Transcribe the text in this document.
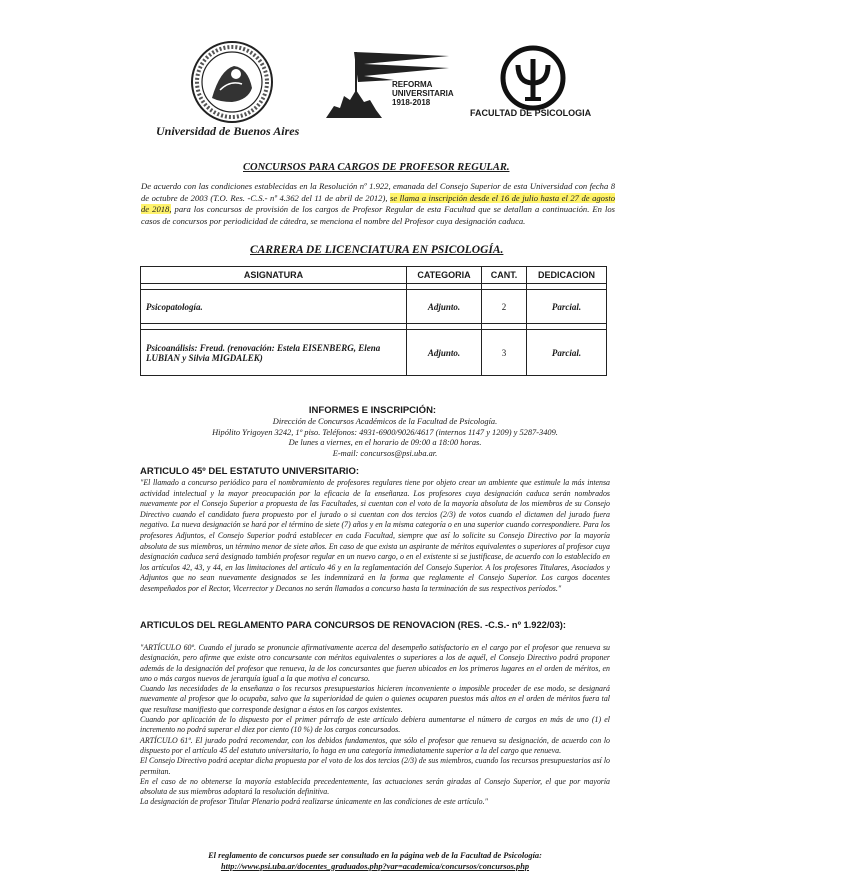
Universidad de Buenos Aires
REFORMA
UNIVERSITARIA
1918-2018
FACULTAD DE PSICOLOGIA
CONCURSOS PARA CARGOS DE PROFESOR REGULAR.
De acuerdo con las condiciones establecidas en la Resolución nº 1.922, emanada del Consejo Superior de esta Universidad con fecha 8 de octubre de 2003 (T.O. Res. -C.S.- nº 4.362 del 11 de abril de 2012), se llama a inscripción desde el 16 de julio hasta el 27 de agosto de 2018, para los concursos de provisión de los cargos de Profesor Regular de esta Facultad que se detallan a continuación. En los casos de concursos por periodicidad de cátedra, se menciona el nombre del Profesor cuya designación caduca.
CARRERA DE LICENCIATURA EN PSICOLOGÍA.
ASIGNATURA	CATEGORIA	CANT.	DEDICACION

Psicopatología.	Adjunto.	2	Parcial.

Psicoanálisis: Freud. (renovación: Estela EISENBERG, Elena LUBIAN y Silvia MIGDALEK)	Adjunto.	3	Parcial.
INFORMES E INSCRIPCIÓN:
Dirección de Concursos Académicos de la Facultad de Psicología.
Hipólito Yrigoyen 3242, 1º piso. Teléfonos: 4931-6900/9026/4617 (internos 1147 y 1209) y 5287-3409.
De lunes a viernes, en el horario de 09:00 a 18:00 horas.
E-mail: concursos@psi.uba.ar.
ARTICULO 45º DEL ESTATUTO UNIVERSITARIO:
"El llamado a concurso periódico para el nombramiento de profesores regulares tiene por objeto crear un ambiente que estimule la más intensa actividad intelectual y la mayor preocupación por la eficacia de la enseñanza. Los profesores cuya designación caduca serán nombrados nuevamente por el Consejo Superior a propuesta de las Facultades, si cuentan con el voto de la mayoría absoluta de los miembros de su Consejo Directivo cuando el candidato fuera propuesto por el jurado o si cuentan con dos tercios (2/3) de votos cuando el dictamen del jurado fuera negativo. La nueva designación se hará por el término de siete (7) años y en la misma categoría o en una superior cuando correspondiere. Para los profesores Adjuntos, el Consejo Superior podrá establecer en cada Facultad, siempre que así lo solicite su Consejo Directivo por la mayoría absoluta de sus miembros, un término menor de siete años. En caso de que exista un aspirante de méritos equivalentes o superiores al profesor cuya designación caduca será designado también profesor regular en un nuevo cargo, o en el existente si se justificase, de acuerdo con lo establecido en los artículos 42, 43, y 44, en las limitaciones del artículo 46 y en la reglamentación del Consejo Superior. A los profesores Titulares, Asociados y Adjuntos que no sean nuevamente designados se les indemnizará en la forma que reglamente el Consejo Superior. Los cargos docentes desempeñados por el Rector, Vicerrector y Decanos no serán llamados a concurso hasta la terminación de sus respectivos períodos."
ARTICULOS DEL REGLAMENTO PARA CONCURSOS DE RENOVACION (RES. -C.S.- nº 1.922/03):

"ARTÍCULO 60º. Cuando el jurado se pronuncie afirmativamente acerca del desempeño satisfactorio en el cargo por el profesor que renueva su designación, pero afirme que existe otro concursante con méritos equivalentes o superiores a los de aquél, el Consejo Directivo podrá proponer además de la designación del profesor que renueva, la de los concursantes que fueren ubicados en los primeros lugares en el orden de méritos, en uno o más cargos nuevos de jerarquía igual a la que motiva el concurso.

Cuando las necesidades de la enseñanza o los recursos presupuestarios hicieren inconveniente o imposible proceder de ese modo, se designará nuevamente al profesor que lo ocupaba, salvo que la superioridad de quien o quienes ocuparen puestos más altos en el orden de méritos fuera tal que resultase manifiesto que corresponde designar a éstos en los cargos existentes.

Cuando por aplicación de lo dispuesto por el primer párrafo de este artículo debiera aumentarse el número de cargos en más de uno (1) el incremento no podrá superar el diez por ciento (10 %) de los cargos concursados.

ARTÍCULO 61º. El jurado podrá recomendar, con los debidos fundamentos, que sólo el profesor que renueva su designación, de acuerdo con lo dispuesto por el artículo 45 del estatuto universitario, lo haga en una categoría inmediatamente superior a la del cargo que renueva.

El Consejo Directivo podrá aceptar dicha propuesta por el voto de los dos tercios (2/3) de sus miembros, cuando los recursos presupuestarios así lo permitan.

En el caso de no obtenerse la mayoría establecida precedentemente, las actuaciones serán giradas al Consejo Superior, el que por mayoría absoluta de sus miembros adoptará la resolución definitiva.

La designación de profesor Titular Plenario podrá realizarse únicamente en las condiciones de este artículo."

El reglamento de concursos puede ser consultado en la página web de la Facultad de Psicología:
http://www.psi.uba.ar/docentes_graduados.php?var=academica/concursos/concursos.php
